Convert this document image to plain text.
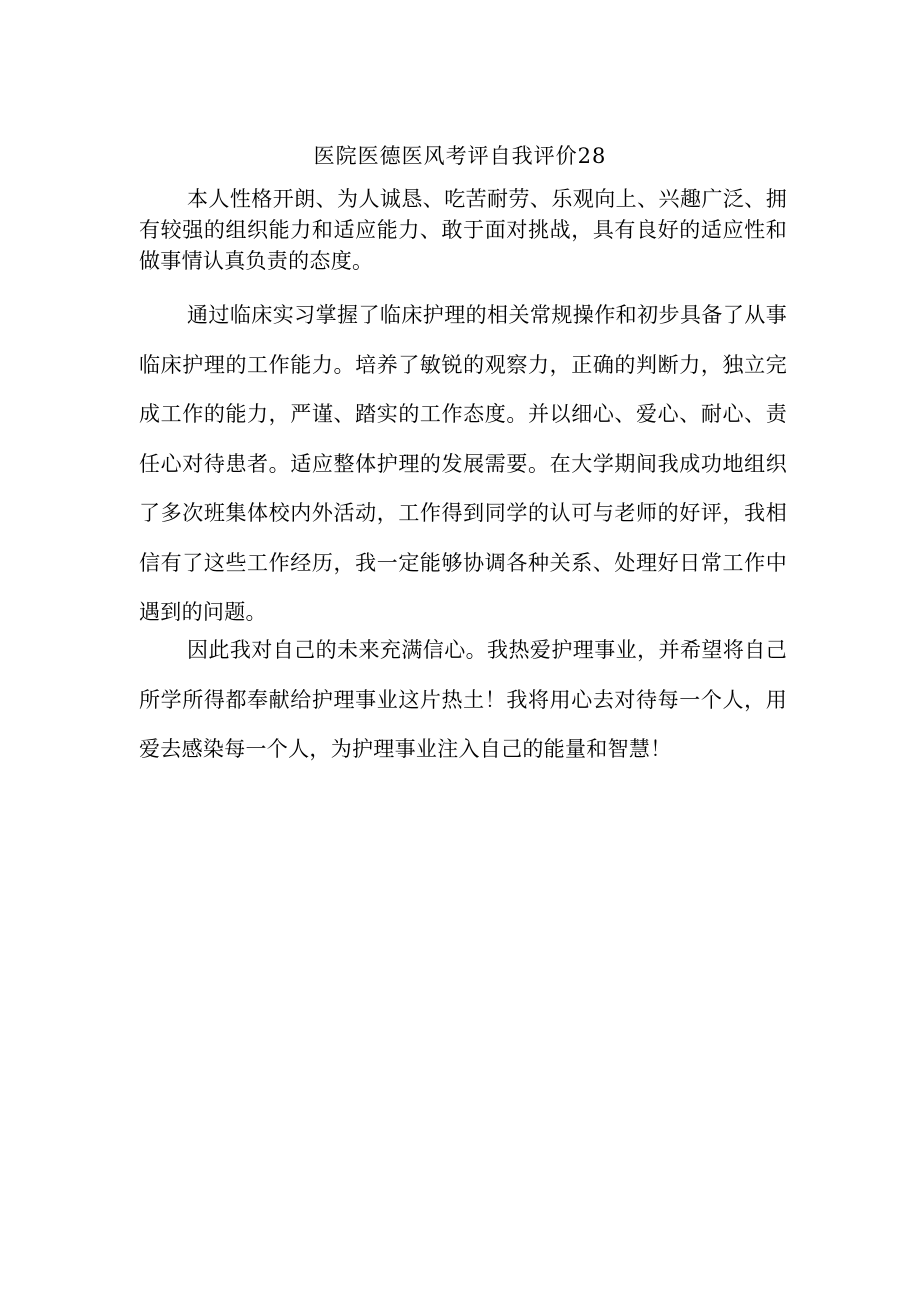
医院医德医风考评自我评价28

本人性格开朗、为人诚恳、吃苦耐劳、乐观向上、兴趣广泛、拥有较强的组织能力和适应能力、敢于面对挑战，具有良好的适应性和做事情认真负责的态度。

通过临床实习掌握了临床护理的相关常规操作和初步具备了从事临床护理的工作能力。培养了敏锐的观察力，正确的判断力，独立完成工作的能力，严谨、踏实的工作态度。并以细心、爱心、耐心、责任心对待患者。适应整体护理的发展需要。在大学期间我成功地组织了多次班集体校内外活动，工作得到同学的认可与老师的好评，我相信有了这些工作经历，我一定能够协调各种关系、处理好日常工作中遇到的问题。

因此我对自己的未来充满信心。我热爱护理事业，并希望将自己所学所得都奉献给护理事业这片热土！我将用心去对待每一个人，用爱去感染每一个人，为护理事业注入自己的能量和智慧！
